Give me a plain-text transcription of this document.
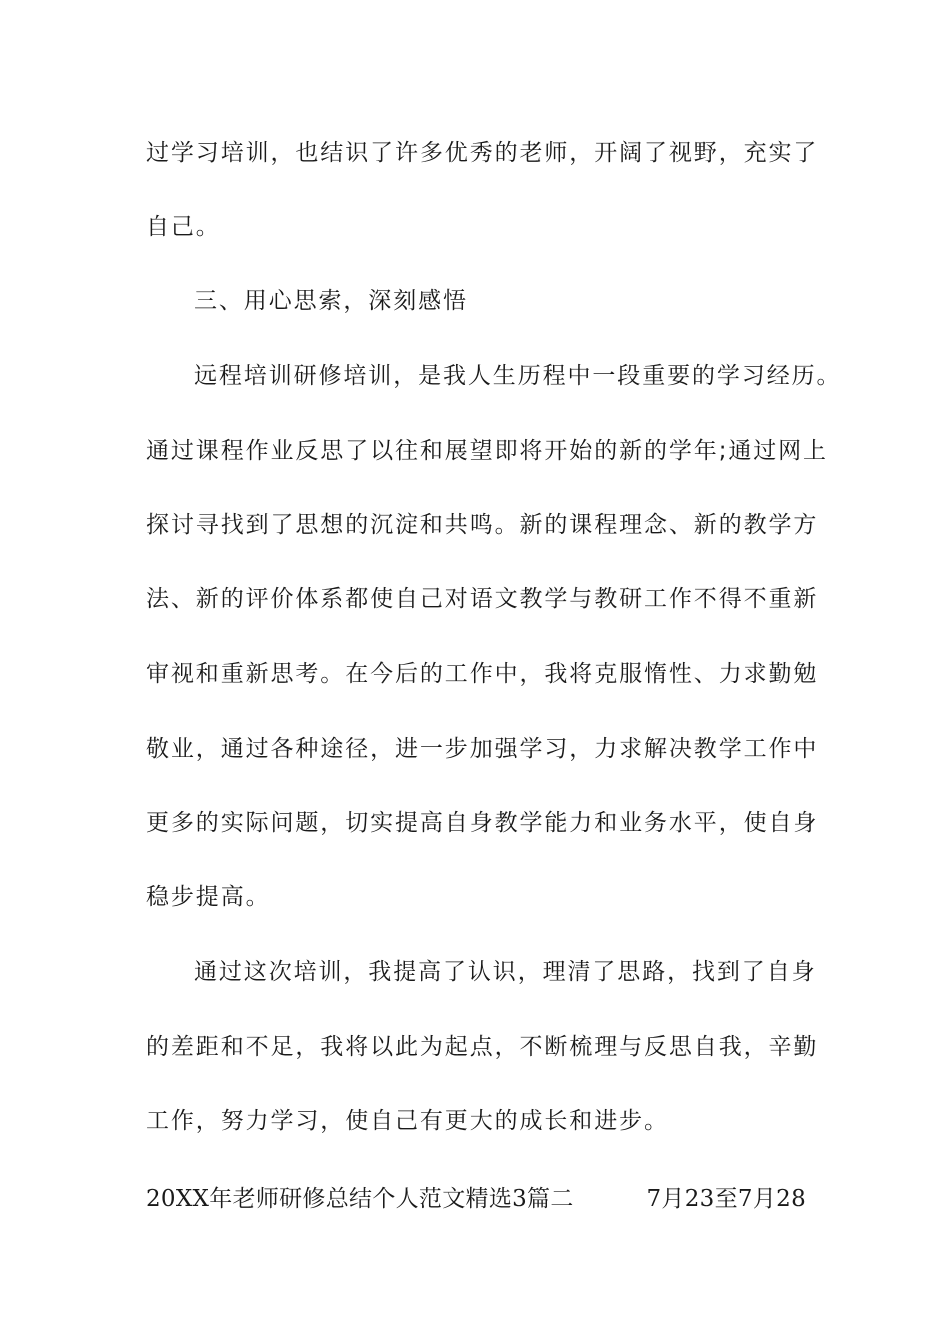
过学习培训，也结识了许多优秀的老师，开阔了视野，充实了
自己。
三、用心思索，深刻感悟
远程培训研修培训，是我人生历程中一段重要的学习经历。
通过课程作业反思了以往和展望即将开始的新的学年;通过网上
探讨寻找到了思想的沉淀和共鸣。新的课程理念、新的教学方
法、新的评价体系都使自己对语文教学与教研工作不得不重新
审视和重新思考。在今后的工作中，我将克服惰性、力求勤勉
敬业，通过各种途径，进一步加强学习，力求解决教学工作中
更多的实际问题，切实提高自身教学能力和业务水平，使自身
稳步提高。
通过这次培训，我提高了认识，理清了思路，找到了自身
的差距和不足，我将以此为起点，不断梳理与反思自我，辛勤
工作，努力学习，使自己有更大的成长和进步。
20XX年老师研修总结个人范文精选3篇二	7月23至7月28
